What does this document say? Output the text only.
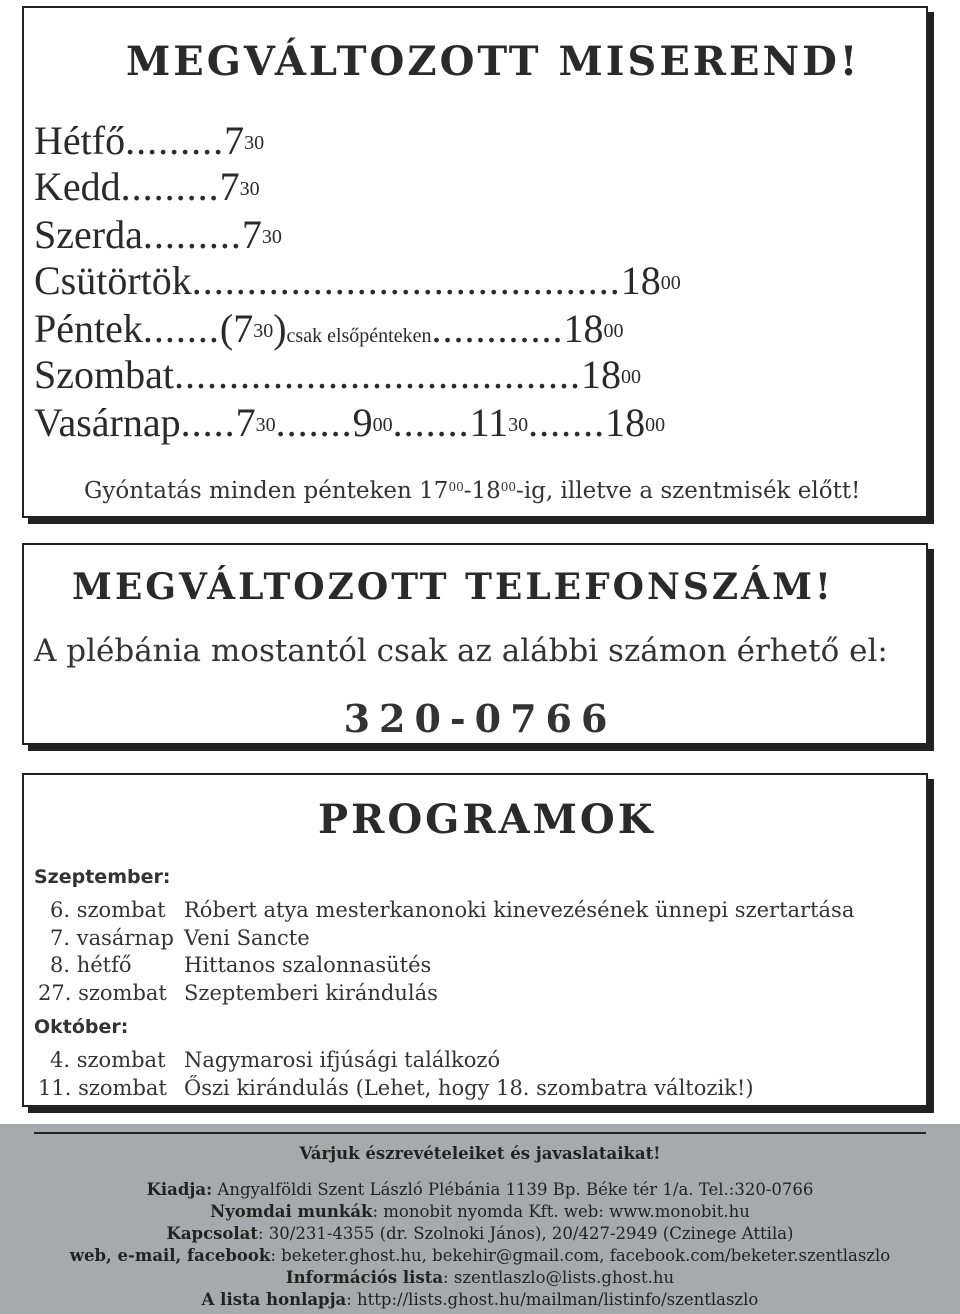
MEGVÁLTOZOTT MISEREND!
Hétfő.........7$^{30}$
Kedd.........7$^{30}$
Szerda.........7$^{30}$
Csütörtök.......................................18$^{00}$
$Péntek.......(7^{30})csak$ elsőpénteken............18$^{00}$
Szombat.....................................18$^{00}$
Vasárnap.....7$^{30}$.......9$^{00}$.......11$^{30}$.......18$^{00}$
Gyóntatás minden pénteken $17^{00}-18^{00}-ig$, illetve a szentmisék előtt!
MEGVÁLTOZOTT TELEFONSZÁM!
A plébánia mostantól csak az alábbi számon érhető el:
320-0766
PROGRAMOK
Szeptember:
6. szombat Róbert atya mesterkanonoki kinevezésének ünnepi szertartása
7. vasárnap Veni Sancte
8. hétfő Hittanos szalonnasütés
27. szombat Szeptemberi kirándulás
Október:
4. szombat Nagymarosi ifjúsági találkozó
11. szombat Őszi kirándulás (Lehet, hogy 18. szombatra változik!)
Várjuk észrevételeiket és javaslataikat!
Kiadja: Angyalföldi Szent László Plébánia 1139 Bp. Béke tér 1/a. Tel.:320-0766
Nyomdai munkák: monobit nyomda Kft. web: www.monobit.hu
Kapcsolat: 30/231-4355 (dr. Szolnoki János), 20/427-2949 (Czinege Attila)
web, e-mail, facebook: beketer.ghost.hu, bekehir@gmail.com, facebook.com/beketer.szentlaszlo
Információs lista: szentlaszlo@lists.ghost.hu
A lista honlapja: http://lists.ghost.hu/mailman/listinfo/szentlaszlo
